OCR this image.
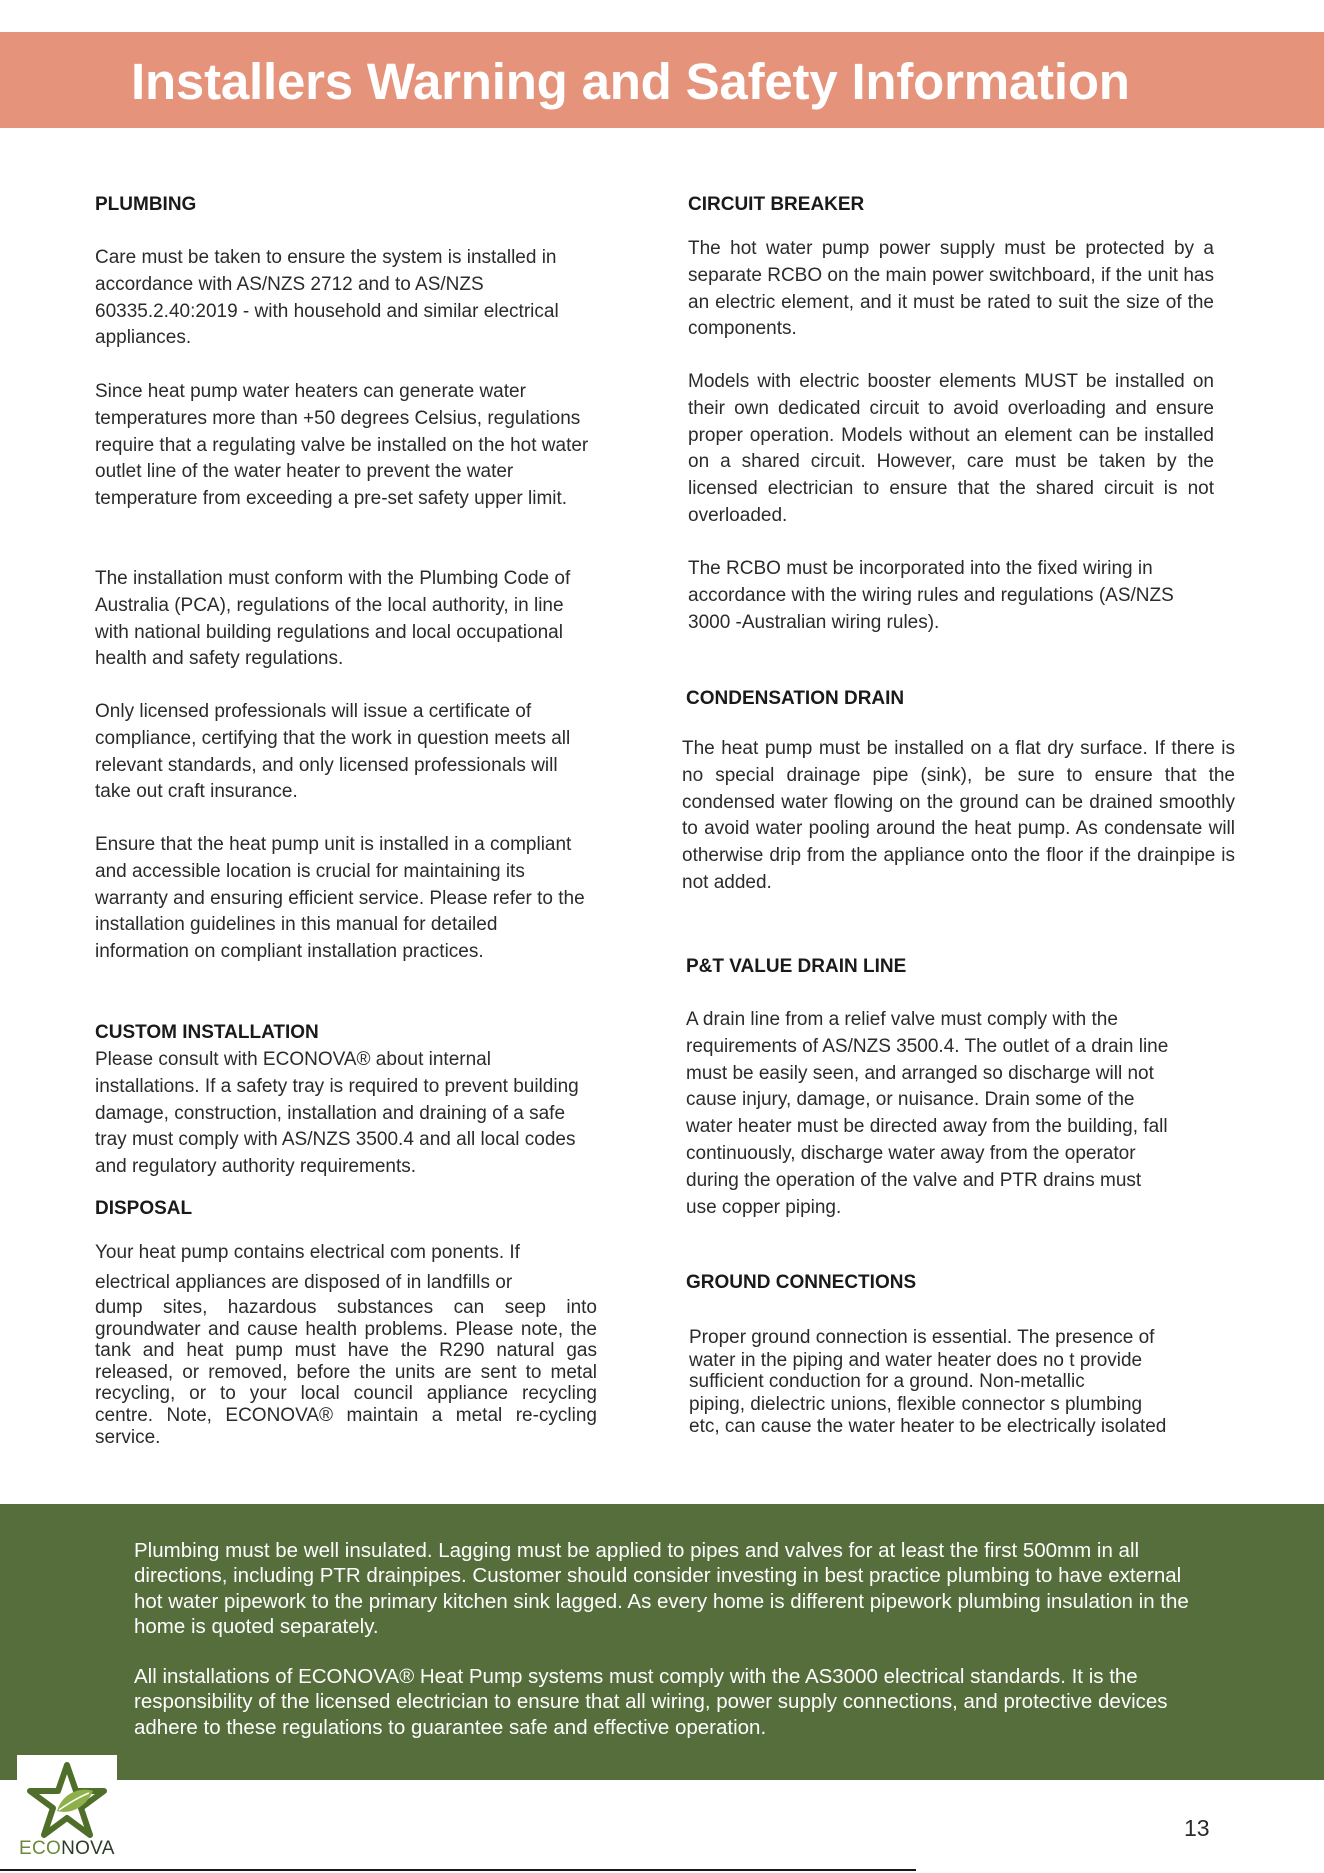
Installers Warning and Safety Information
PLUMBING

Care must be taken to ensure the system is installed in accordance with AS/NZS 2712 and to AS/NZS 60335.2.40:2019 - with household and similar electrical appliances.

Since heat pump water heaters can generate water temperatures more than +50 degrees Celsius, regulations require that a regulating valve be installed on the hot water outlet line of the water heater to prevent the water temperature from exceeding a pre-set safety upper limit.

The installation must conform with the Plumbing Code of Australia (PCA), regulations of the local authority, in line with national building regulations and local occupational health and safety regulations.

Only licensed professionals will issue a certificate of compliance, certifying that the work in question meets all relevant standards, and only licensed professionals will take out craft insurance.

Ensure that the heat pump unit is installed in a compliant and accessible location is crucial for maintaining its warranty and ensuring efficient service. Please refer to the installation guidelines in this manual for detailed information on compliant installation practices.

CUSTOM INSTALLATION

Please consult with ECONOVA® about internal installations. If a safety tray is required to prevent building damage, construction, installation and draining of a safe tray must comply with AS/NZS 3500.4 and all local codes and regulatory authority requirements.

DISPOSAL

Your heat pump contains electrical com ponents. If

electrical appliances are disposed of in landfills or

dump sites, hazardous substances can seep into groundwater and cause health problems. Please note, the tank and heat pump must have the R290 natural gas released, or removed, before the units are sent to metal recycling, or to your local council appliance recycling centre. Note, ECONOVA® maintain a metal re-cycling service.

CIRCUIT BREAKER

The hot water pump power supply must be protected by a separate RCBO on the main power switchboard, if the unit has an electric element, and it must be rated to suit the size of the components.

Models with electric booster elements MUST be installed on their own dedicated circuit to avoid overloading and ensure proper operation. Models without an element can be installed on a shared circuit. However, care must be taken by the licensed electrician to ensure that the shared circuit is not overloaded.

The RCBO must be incorporated into the fixed wiring in accordance with the wiring rules and regulations (AS/NZS 3000 -Australian wiring rules).

CONDENSATION DRAIN

The heat pump must be installed on a flat dry surface. If there is no special drainage pipe (sink), be sure to ensure that the condensed water flowing on the ground can be drained smoothly to avoid water pooling around the heat pump. As condensate will otherwise drip from the appliance onto the floor if the drainpipe is not added.

P&T VALUE DRAIN LINE

A drain line from a relief valve must comply with the requirements of AS/NZS 3500.4. The outlet of a drain line must be easily seen, and arranged so discharge will not cause injury, damage, or nuisance. Drain some of the water heater must be directed away from the building, fall continuously, discharge water away from the operator during the operation of the valve and PTR drains must use copper piping.

GROUND CONNECTIONS

Proper ground connection is essential. The presence of

water in the piping and water heater does no t provide

sufficient conduction for a ground. Non-metallic

piping, dielectric unions, flexible connector s plumbing

etc, can cause the water heater to be electrically isolated

Plumbing must be well insulated. Lagging must be applied to pipes and valves for at least the first 500mm in all directions, including PTR drainpipes. Customer should consider investing in best practice plumbing to have external hot water pipework to the primary kitchen sink lagged. As every home is different pipework plumbing insulation in the home is quoted separately.

All installations of ECONOVA® Heat Pump systems must comply with the AS3000 electrical standards. It is the responsibility of the licensed electrician to ensure that all wiring, power supply connections, and protective devices adhere to these regulations to guarantee safe and effective operation.

ECONOVA
13
